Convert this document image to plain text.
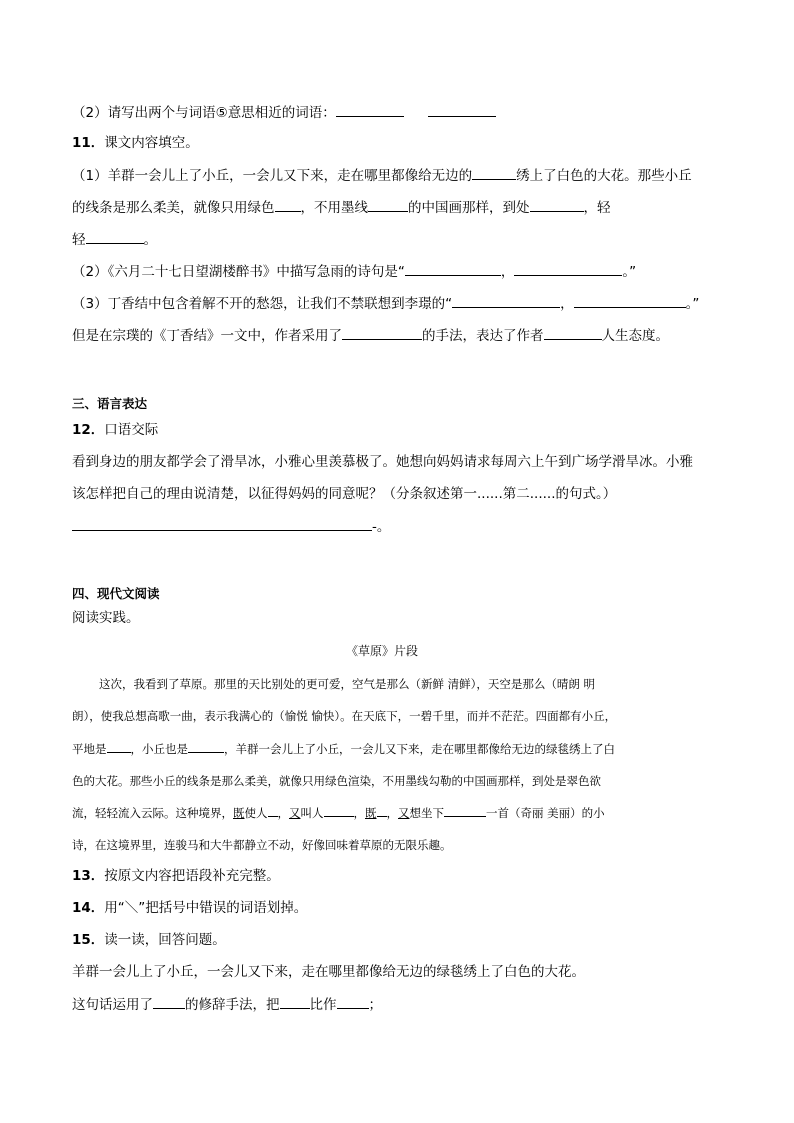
（2）请写出两个与词语⑤意思相近的词语：
11．课文内容填空。
（1）羊群一会儿上了小丘，一会儿又下来，走在哪里都像给无边的	绣上了白色的大花。那些小丘
的线条是那么柔美，就像只用绿色 ，不用墨线	的中国画那样，到处	，轻
轻	。
（2）《六月二十七日望湖楼醉书》中描写急雨的诗句是“	，	。”
（3）丁香结中包含着解不开的愁怨，让我们不禁联想到李璟的“	，	。”
但是在宗璞的《丁香结》一文中，作者采用了	的手法，表达了作者	人生态度。
三、语言表达
12．口语交际
看到身边的朋友都学会了滑旱冰，小雅心里羡慕极了。她想向妈妈请求每周六上午到广场学滑旱冰。小雅
该怎样把自己的理由说清楚，以征得妈妈的同意呢？（分条叙述第一......第二......的句式。）
-。
四、现代文阅读
阅读实践。
《草原》片段
这次，我看到了草原。那里的天比别处的更可爱，空气是那么（新鲜 清鲜），天空是那么（晴朗 明
朗），使我总想高歌一曲，表示我满心的（愉悦 愉快）。在天底下，一碧千里，而并不茫茫。四面都有小丘，
平地是 ，小丘也是	，羊群一会儿上了小丘，一会儿又下来，走在哪里都像给无边的绿毯绣上了白
色的大花。那些小丘的线条是那么柔美，就像只用绿色渲染，不用墨线勾勒的中国画那样，到处是翠色欲
流，轻轻流入云际。这种境界，既使人 ，又叫人	，既 ，又想坐下	一首（奇丽 美丽）的小
诗，在这境界里，连骏马和大牛都静立不动，好像回味着草原的无限乐趣。
13．按原文内容把语段补充完整。
14．用“＼”把括号中错误的词语划掉。
15．读一读，回答问题。
羊群一会儿上了小丘，一会儿又下来，走在哪里都像给无边的绿毯绣上了白色的大花。
这句话运用了 的修辞手法，把 比作 ；
